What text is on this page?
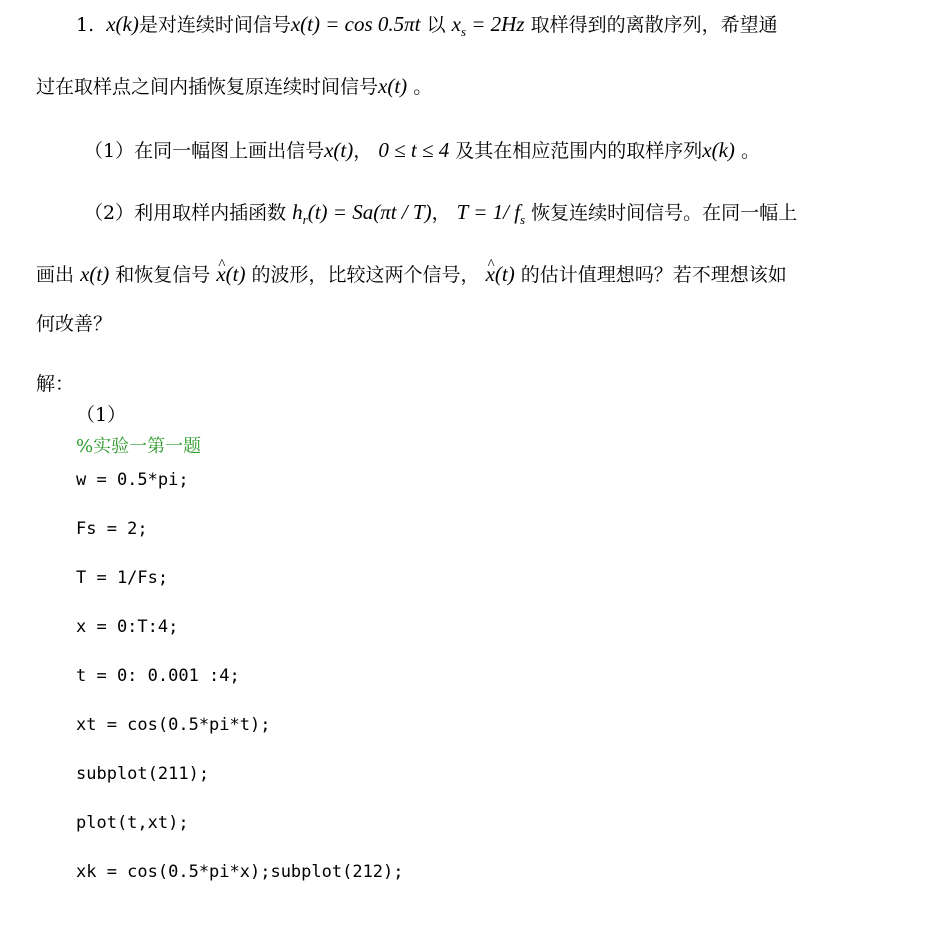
1. x(k)是对连续时间信号x(t) = cos 0.5πt 以 $x_s = 2Hz$ 取样得到的离散序列，希望通
过在取样点之间内插恢复原连续时间信号x(t) 。
（1）在同一幅图上画出信号x(t)， 0 ≤ t ≤ 4 及其在相应范围内的取样序列x(k) 。
（2）利用取样内插函数 $h_r(t) = Sa(\pi t / T)$， T = 1/ $f_s$ 恢复连续时间信号。在同一幅上
画出 x(t) 和恢复信号 ^ x(t) 的波形，比较这两个信号， ^ x(t) 的估计值理想吗？若不理想该如
何改善？
解：
（1）
%实验一第一题
w = 0.5*pi;
Fs = 2;
T = 1/Fs;
x = 0:T:4;
t = 0: 0.001 :4;
xt = cos(0.5*pi*t);
subplot(211);
plot(t,xt);
xk = cos(0.5*pi*x);subplot(212);
